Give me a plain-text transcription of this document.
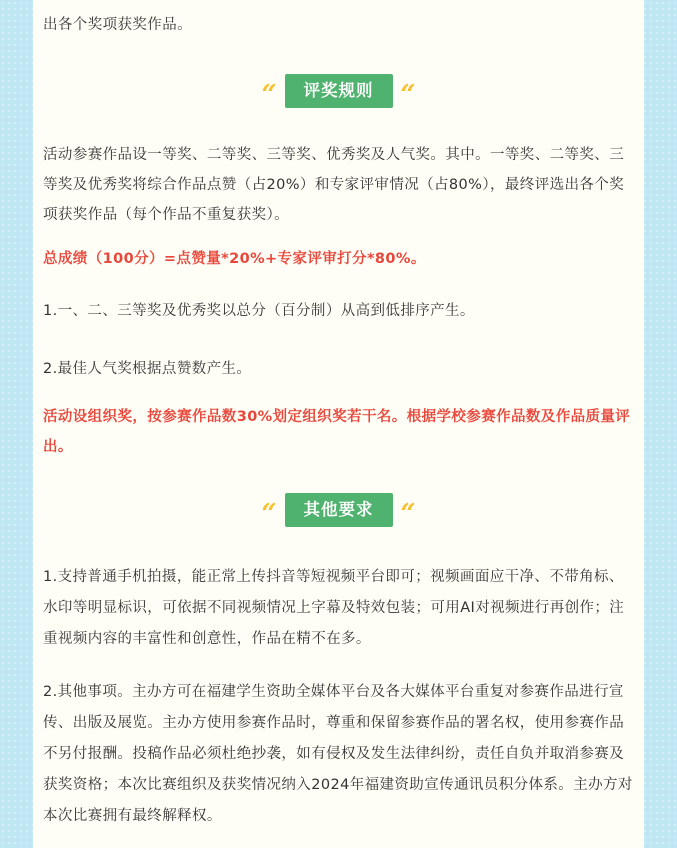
出各个奖项获奖作品。

“	评奖规则	“

活动参赛作品设一等奖、二等奖、三等奖、优秀奖及人气奖。其中。一等奖、二等奖、三等奖及优秀奖将综合作品点赞（占20%）和专家评审情况（占80%），最终评选出各个奖项获奖作品（每个作品不重复获奖）。

总成绩（100分）=点赞量*20%+专家评审打分*80%。

1.一、二、三等奖及优秀奖以总分（百分制）从高到低排序产生。

2.最佳人气奖根据点赞数产生。

活动设组织奖，按参赛作品数30%划定组织奖若干名。根据学校参赛作品数及作品质量评出。

“	其他要求	“

1.支持普通手机拍摄，能正常上传抖音等短视频平台即可；视频画面应干净、不带角标、水印等明显标识，可依据不同视频情况上字幕及特效包装；可用AI对视频进行再创作；注重视频内容的丰富性和创意性，作品在精不在多。

2.其他事项。主办方可在福建学生资助全媒体平台及各大媒体平台重复对参赛作品进行宣传、出版及展览。主办方使用参赛作品时，尊重和保留参赛作品的署名权，使用参赛作品不另付报酬。投稿作品必须杜绝抄袭，如有侵权及发生法律纠纷，责任自负并取消参赛及获奖资格；本次比赛组织及获奖情况纳入2024年福建资助宣传通讯员积分体系。主办方对本次比赛拥有最终解释权。
